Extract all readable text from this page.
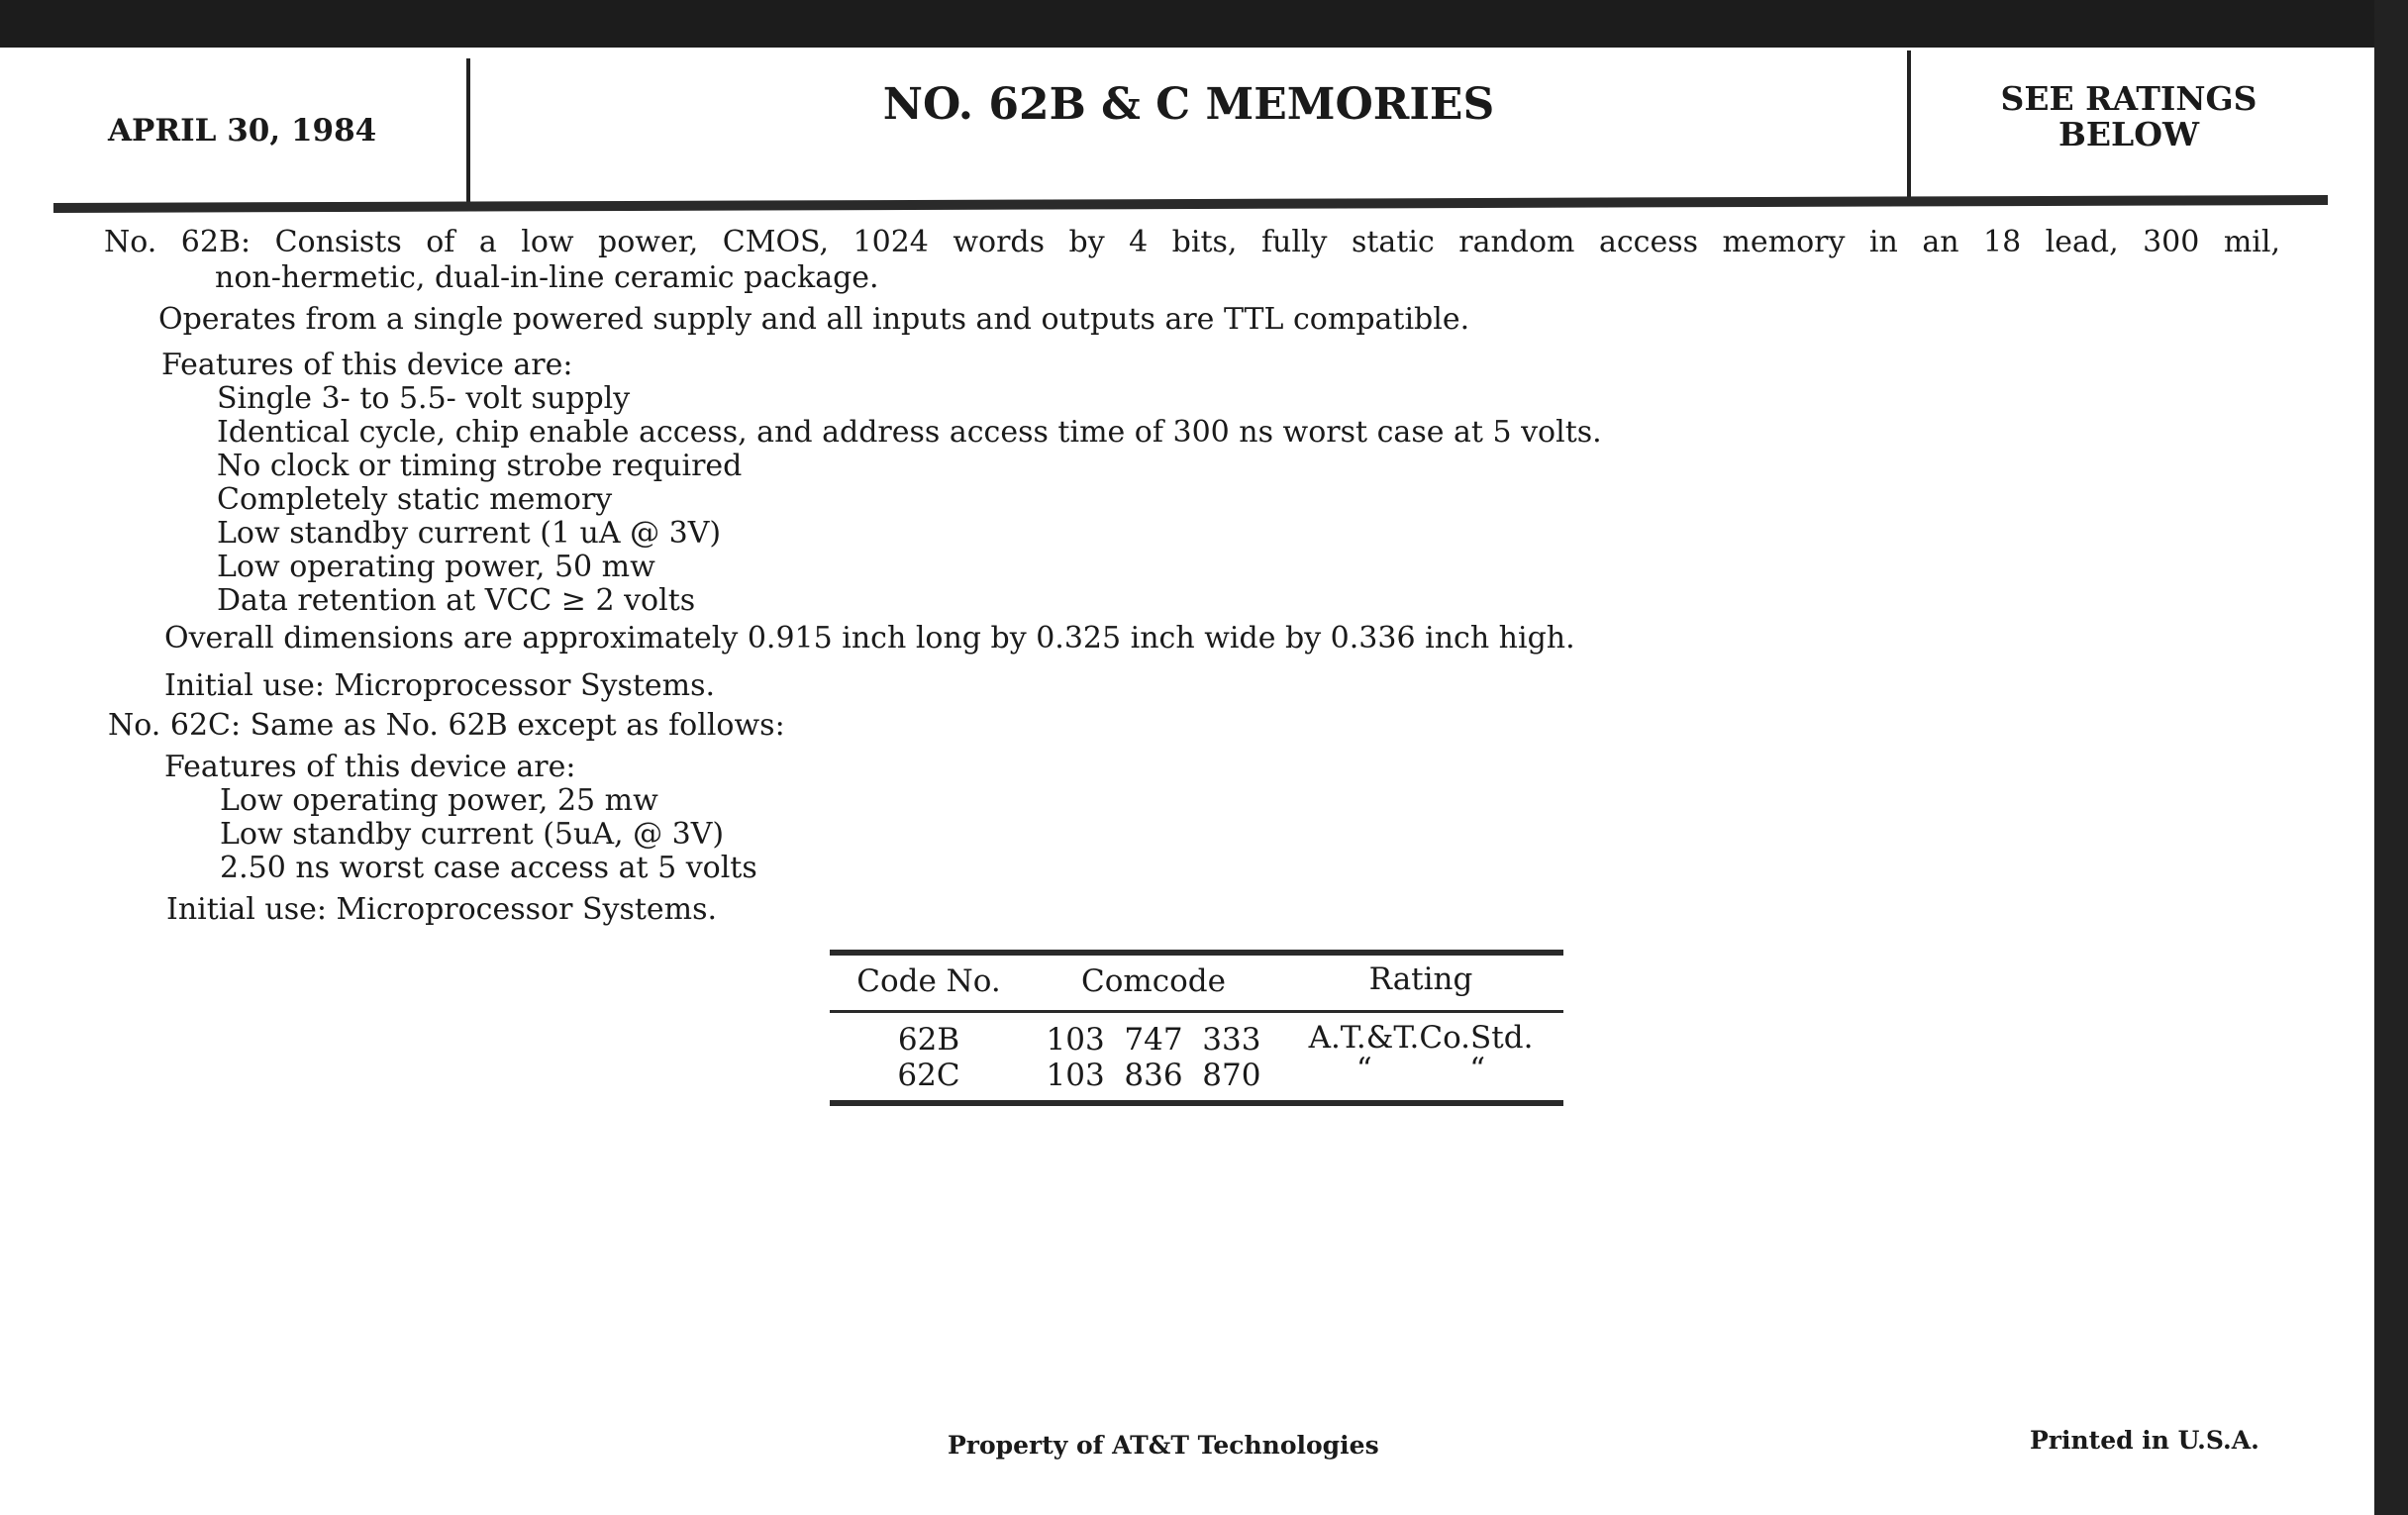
APRIL 30, 1984
NO. 62B & C MEMORIES	SEE RATINGS
BELOW
No. 62B: Consists of a low power, CMOS, 1024 words by 4 bits, fully static random access memory in an 18 lead, 300 mil,
non-hermetic, dual-in-line ceramic package.
Operates from a single powered supply and all inputs and outputs are TTL compatible.
Features of this device are:
Single 3- to 5.5- volt supply
Identical cycle, chip enable access, and address access time of 300 ns worst case at 5 volts.
No clock or timing strobe required
Completely static memory
Low standby current (1 uA @ 3V)
Low operating power, 50 mw
Data retention at VCC ≥ 2 volts
Overall dimensions are approximately 0.915 inch long by 0.325 inch wide by 0.336 inch high.
Initial use: Microprocessor Systems.
No. 62C: Same as No. 62B except as follows:
Features of this device are:
Low operating power, 25 mw
Low standby current (5uA, @ 3V)
2.50 ns worst case access at 5 volts
Initial use: Microprocessor Systems.
Code No.	Comcode	Rating
62B	103  747  333	A.T.&T.Co.Std.
62C	103  836  870	“          “
Property of AT&T Technologies	Printed in U.S.A.
